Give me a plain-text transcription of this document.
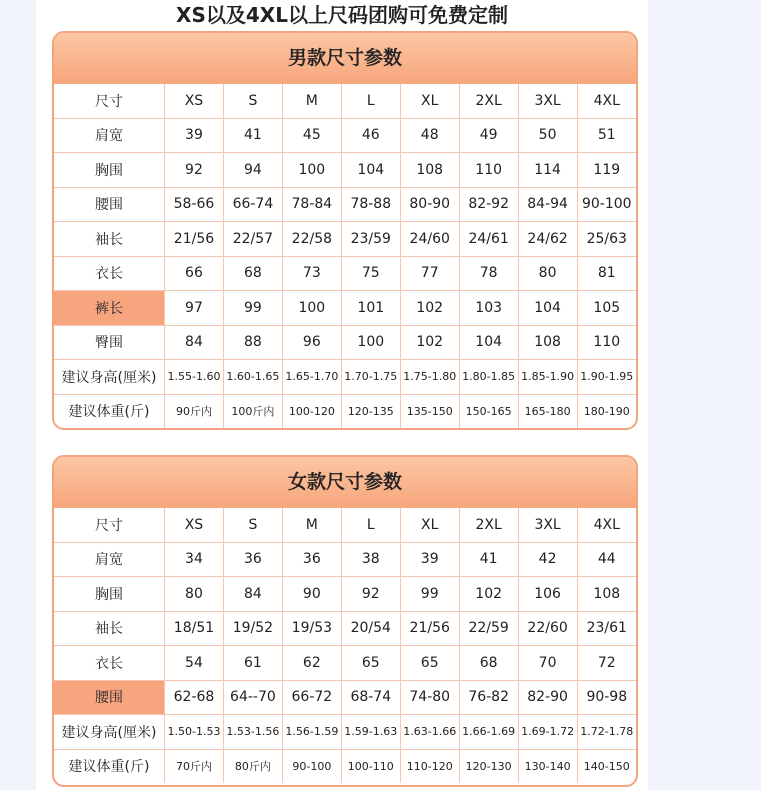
XS以及4XL以上尺码团购可免费定制
男款尺寸参数
尺寸	XS	S	M	L	XL	2XL	3XL	4XL
肩宽	39	41	45	46	48	49	50	51
胸围	92	94	100	104	108	110	114	119
腰围	58-66	66-74	78-84	78-88	80-90	82-92	84-94	90-100
袖长	21/56	22/57	22/58	23/59	24/60	24/61	24/62	25/63
衣长	66	68	73	75	77	78	80	81
裤长	97	99	100	101	102	103	104	105
臀围	84	88	96	100	102	104	108	110
建议身高(厘米)	1.55-1.60	1.60-1.65	1.65-1.70	1.70-1.75	1.75-1.80	1.80-1.85	1.85-1.90	1.90-1.95
建议体重(斤)	90斤内	100斤内	100-120	120-135	135-150	150-165	165-180	180-190
女款尺寸参数
尺寸	XS	S	M	L	XL	2XL	3XL	4XL
肩宽	34	36	36	38	39	41	42	44
胸围	80	84	90	92	99	102	106	108
袖长	18/51	19/52	19/53	20/54	21/56	22/59	22/60	23/61
衣长	54	61	62	65	65	68	70	72
腰围	62-68	64--70	66-72	68-74	74-80	76-82	82-90	90-98
建议身高(厘米)	1.50-1.53	1.53-1.56	1.56-1.59	1.59-1.63	1.63-1.66	1.66-1.69	1.69-1.72	1.72-1.78
建议体重(斤)	70斤内	80斤内	90-100	100-110	110-120	120-130	130-140	140-150
